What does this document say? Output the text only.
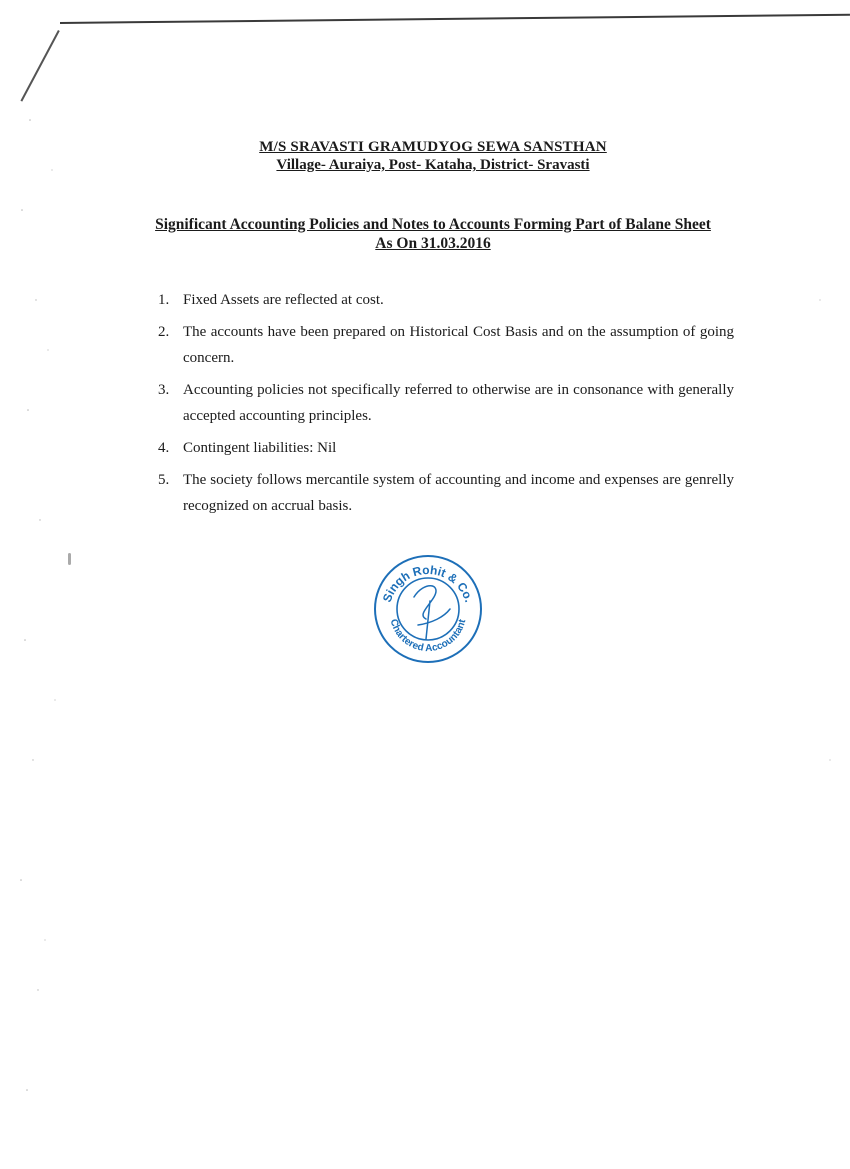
M/S SRAVASTI GRAMUDYOG SEWA SANSTHAN
Village- Auraiya, Post- Kataha, District- Sravasti
Significant Accounting Policies and Notes to Accounts Forming Part of Balane Sheet
As On 31.03.2016
1. Fixed Assets are reflected at cost.
2. The accounts have been prepared on Historical Cost Basis and on the assumption of going concern.
3. Accounting policies not specifically referred to otherwise are in consonance with generally accepted accounting principles.
4. Contingent liabilities: Nil
5. The society follows mercantile system of accounting and income and expenses are genrelly recognized on accrual basis.
Singh Rohit & Co.
Chartered Accountant
